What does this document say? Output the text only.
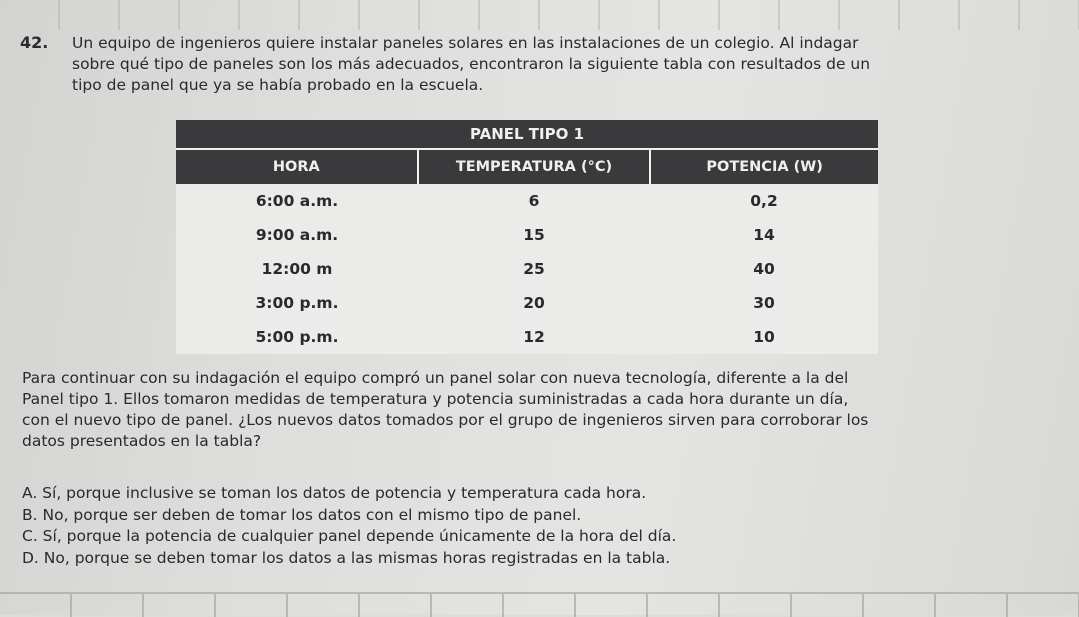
42. Un equipo de ingenieros quiere instalar paneles solares en las instalaciones de un colegio. Al indagar
sobre qué tipo de paneles son los más adecuados, encontraron la siguiente tabla con resultados de un
tipo de panel que ya se había probado en la escuela.
PANEL TIPO 1
HORA	TEMPERATURA (°C)	POTENCIA (W)
6:00 a.m.	6	0,2
9:00 a.m.	15	14
12:00 m	25	40
3:00 p.m.	20	30
5:00 p.m.	12	10
Para continuar con su indagación el equipo compró un panel solar con nueva tecnología, diferente a la del
Panel tipo 1. Ellos tomaron medidas de temperatura y potencia suministradas a cada hora durante un día,
con el nuevo tipo de panel. ¿Los nuevos datos tomados por el grupo de ingenieros sirven para corroborar los
datos presentados en la tabla?
A. Sí, porque inclusive se toman los datos de potencia y temperatura cada hora.
B. No, porque ser deben de tomar los datos con el mismo tipo de panel.
C. Sí, porque la potencia de cualquier panel depende únicamente de la hora del día.
D. No, porque se deben tomar los datos a las mismas horas registradas en la tabla.
